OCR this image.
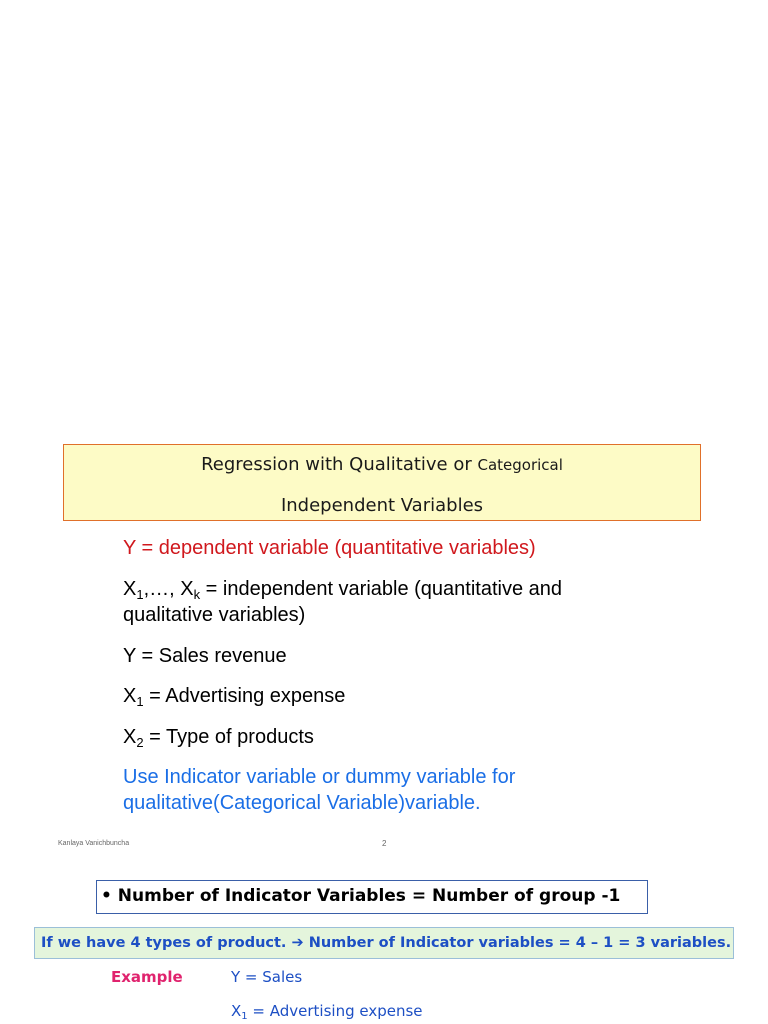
Regression with Qualitative or Categorical
Independent Variables
Y = dependent variable (quantitative variables)
$X_1,\dots$, $X_k$ = independent variable (quantitative and
qualitative variables)
Y = Sales revenue
$X_1$ = Advertising expense
$X_2$ = Type of products
Use Indicator variable or dummy variable for
qualitative(Categorical Variable)variable.
Kanlaya Vanichbuncha	2
• Number of Indicator Variables = Number of group -1
If we have 4 types of product. ➔ Number of Indicator variables = 4 – 1 = 3 variables.
Example	Y = Sales
$X_1$ = Advertising expense
